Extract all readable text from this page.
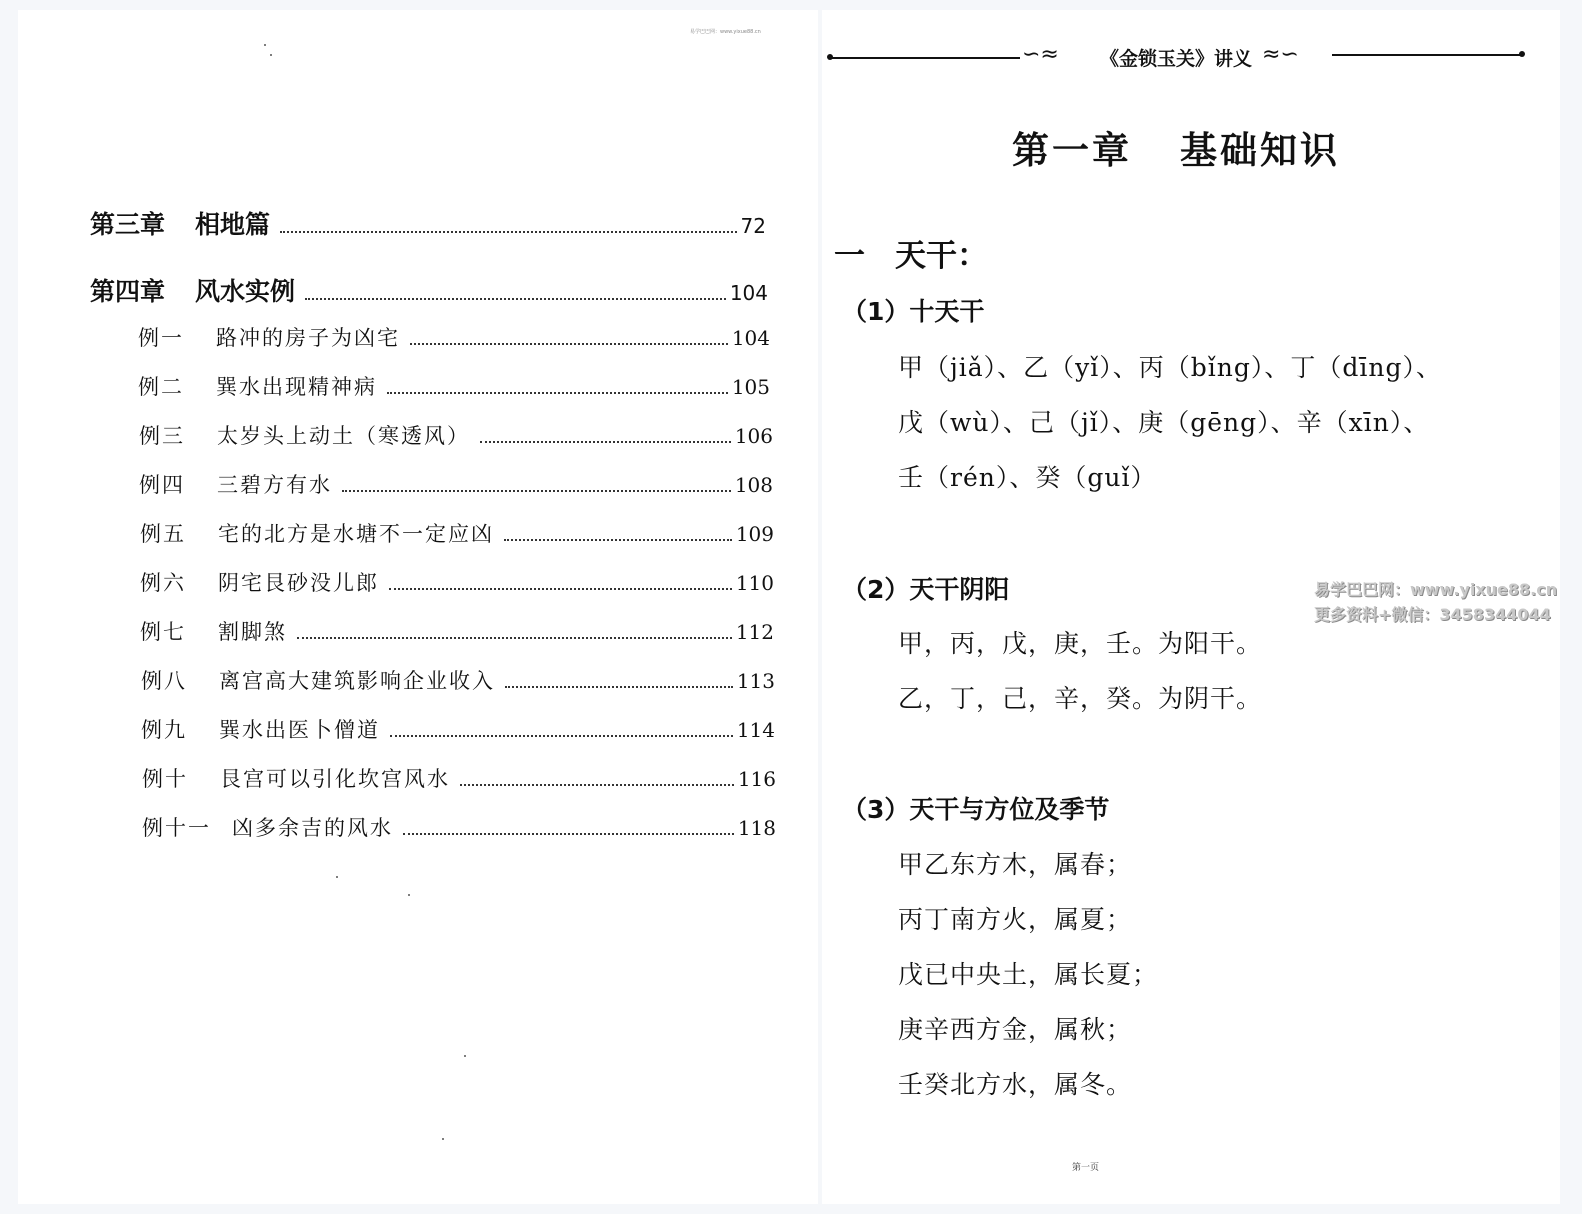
第三章	相地篇	72
第四章	风水实例	104
例一	路冲的房子为凶宅	104
例二	巽水出现精神病	105
例三	太岁头上动土（寒透风）	106
例四	三碧方有水	108
例五	宅的北方是水塘不一定应凶	109
例六	阴宅艮砂没儿郎	110
例七	割脚煞	112
例八	离宫高大建筑影响企业收入	113
例九	巽水出医卜僧道	114
例十	艮宫可以引化坎宫风水	116
例十一	凶多余吉的风水	118
∽≈ 《金锁玉关》讲义 ≈∽
第一章 基础知识
一 天干：
（1）十天干
甲（jiǎ）、乙（yǐ）、丙（bǐng）、丁（dīng）、
戊（wù）、己（jǐ）、庚（gēng）、辛（xīn）、
壬（rén）、癸（guǐ）
（2）天干阴阳
甲，丙，戊，庚，壬。为阳干。
乙，丁，己，辛，癸。为阴干。
（3）天干与方位及季节
甲乙东方木，属春；
丙丁南方火，属夏；
戊已中央土，属长夏；
庚辛西方金，属秋；
壬癸北方水，属冬。
第一页
易学巴巴网：www.yixue88.cn
易学巴巴网：www.yixue88.cn
更多资料+微信：3458344044
